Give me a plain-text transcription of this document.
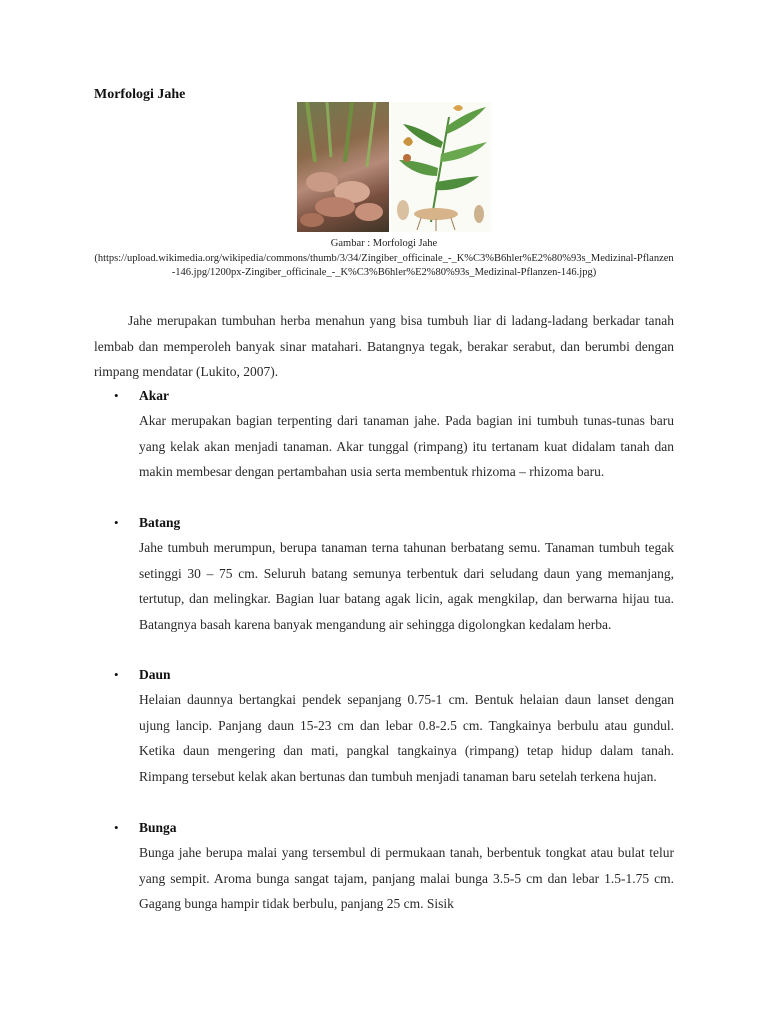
Morfologi Jahe
Gambar : Morfologi Jahe
(https://upload.wikimedia.org/wikipedia/commons/thumb/3/34/Zingiber_officinale_-_K%C3%B6hler%E2%80%93s_Medizinal-Pflanzen-146.jpg/1200px-Zingiber_officinale_-_K%C3%B6hler%E2%80%93s_Medizinal-Pflanzen-146.jpg)
Jahe merupakan tumbuhan herba menahun yang bisa tumbuh liar di ladang-ladang berkadar tanah lembab dan memperoleh banyak sinar matahari. Batangnya tegak, berakar serabut, dan berumbi dengan rimpang mendatar (Lukito, 2007).
• Akar
Akar merupakan bagian terpenting dari tanaman jahe. Pada bagian ini tumbuh tunas-tunas baru yang kelak akan menjadi tanaman. Akar tunggal (rimpang) itu tertanam kuat didalam tanah dan makin membesar dengan pertambahan usia serta membentuk rhizoma – rhizoma baru.
• Batang
Jahe tumbuh merumpun, berupa tanaman terna tahunan berbatang semu. Tanaman tumbuh tegak setinggi 30 – 75 cm. Seluruh batang semunya terbentuk dari seludang daun yang memanjang, tertutup, dan melingkar. Bagian luar batang agak licin, agak mengkilap, dan berwarna hijau tua. Batangnya basah karena banyak mengandung air sehingga digolongkan kedalam herba.
• Daun
Helaian daunnya bertangkai pendek sepanjang 0.75-1 cm. Bentuk helaian daun lanset dengan ujung lancip. Panjang daun 15-23 cm dan lebar 0.8-2.5 cm. Tangkainya berbulu atau gundul. Ketika daun mengering dan mati, pangkal tangkainya (rimpang) tetap hidup dalam tanah. Rimpang tersebut kelak akan bertunas dan tumbuh menjadi tanaman baru setelah terkena hujan.
• Bunga
Bunga jahe berupa malai yang tersembul di permukaan tanah, berbentuk tongkat atau bulat telur yang sempit. Aroma bunga sangat tajam, panjang malai bunga 3.5-5 cm dan lebar 1.5-1.75 cm. Gagang bunga hampir tidak berbulu, panjang 25 cm. Sisik
